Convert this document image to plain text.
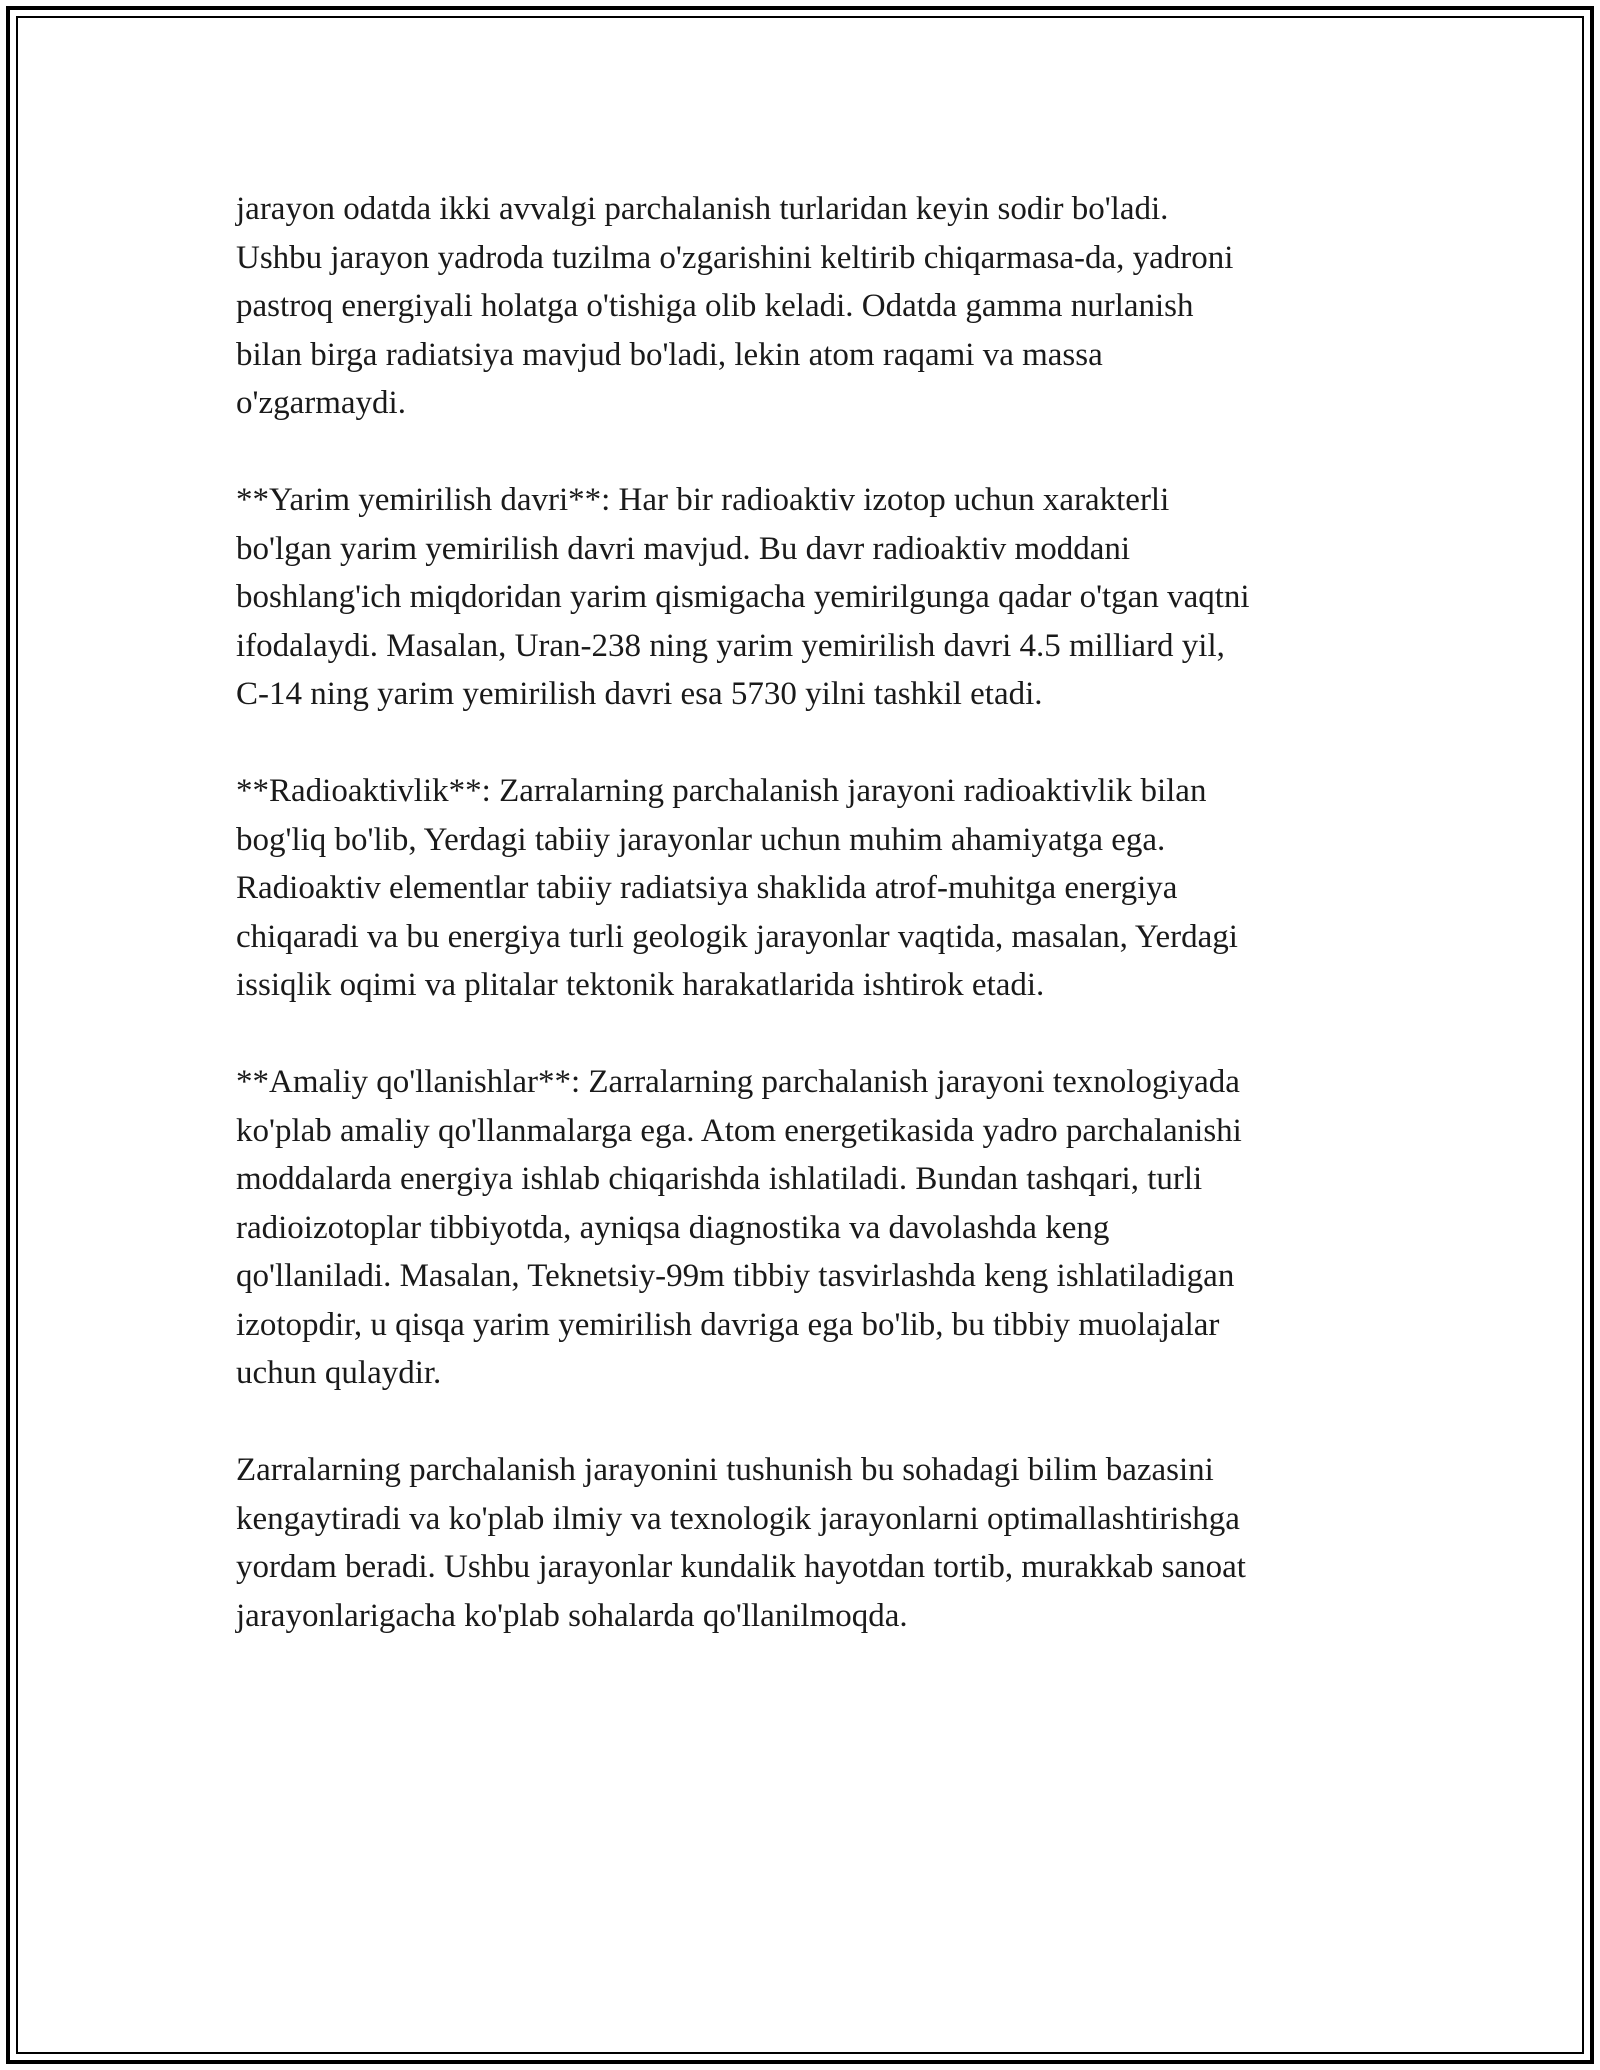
jarayon odatda ikki avvalgi parchalanish turlaridan keyin sodir bo'ladi.
Ushbu jarayon yadroda tuzilma o'zgarishini keltirib chiqarmasa-da, yadroni
pastroq energiyali holatga o'tishiga olib keladi. Odatda gamma nurlanish
bilan birga radiatsiya mavjud bo'ladi, lekin atom raqami va massa
o'zgarmaydi.

**Yarim yemirilish davri**: Har bir radioaktiv izotop uchun xarakterli
bo'lgan yarim yemirilish davri mavjud. Bu davr radioaktiv moddani
boshlang'ich miqdoridan yarim qismigacha yemirilgunga qadar o'tgan vaqtni
ifodalaydi. Masalan, Uran-238 ning yarim yemirilish davri 4.5 milliard yil,
C-14 ning yarim yemirilish davri esa 5730 yilni tashkil etadi.

**Radioaktivlik**: Zarralarning parchalanish jarayoni radioaktivlik bilan
bog'liq bo'lib, Yerdagi tabiiy jarayonlar uchun muhim ahamiyatga ega.
Radioaktiv elementlar tabiiy radiatsiya shaklida atrof-muhitga energiya
chiqaradi va bu energiya turli geologik jarayonlar vaqtida, masalan, Yerdagi
issiqlik oqimi va plitalar tektonik harakatlarida ishtirok etadi.

**Amaliy qo'llanishlar**: Zarralarning parchalanish jarayoni texnologiyada
ko'plab amaliy qo'llanmalarga ega. Atom energetikasida yadro parchalanishi
moddalarda energiya ishlab chiqarishda ishlatiladi. Bundan tashqari, turli
radioizotoplar tibbiyotda, ayniqsa diagnostika va davolashda keng
qo'llaniladi. Masalan, Teknetsiy-99m tibbiy tasvirlashda keng ishlatiladigan
izotopdir, u qisqa yarim yemirilish davriga ega bo'lib, bu tibbiy muolajalar
uchun qulaydir.

Zarralarning parchalanish jarayonini tushunish bu sohadagi bilim bazasini
kengaytiradi va ko'plab ilmiy va texnologik jarayonlarni optimallashtirishga
yordam beradi. Ushbu jarayonlar kundalik hayotdan tortib, murakkab sanoat
jarayonlarigacha ko'plab sohalarda qo'llanilmoqda.
